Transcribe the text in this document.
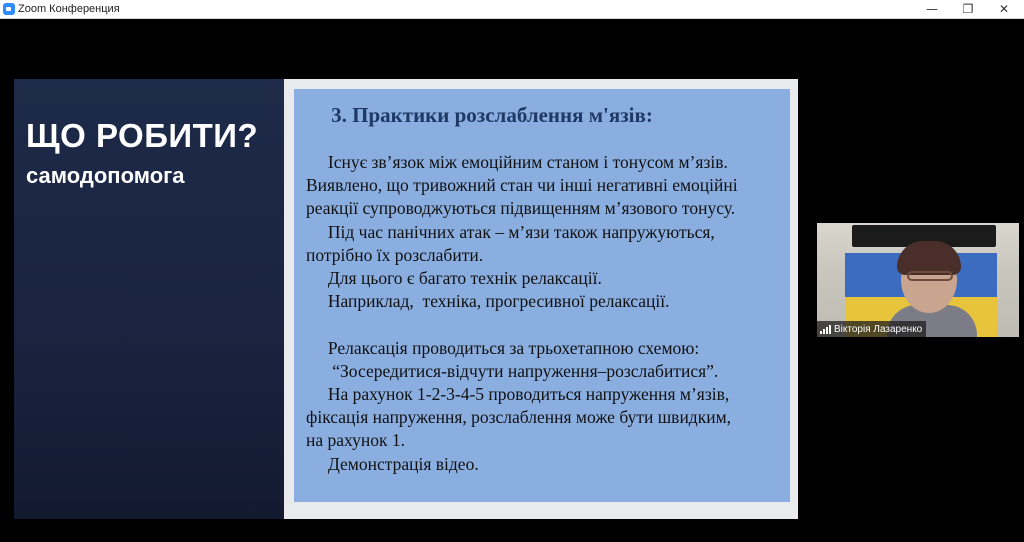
Zoom Конференция	—	❐	✕
ЩО РОБИТИ?
самодопомога
3. Практики розслаблення м'язів:
Існує зв’язок між емоційним станом і тонусом м’язів.
Виявлено, що тривожний стан чи інші негативні емоційні
реакції супроводжуються підвищенням м’язового тонусу.
Під час панічних атак – м’язи також напружуються,
потрібно їх розслабити.
Для цього є багато технік релаксації.
Наприклад,  техніка, прогресивної релаксації.
Релаксація проводиться за трьохетапною схемою:
“Зосередитися-відчути напруження–розслабитися”.
На рахунок 1-2-3-4-5 проводиться напруження м’язів,
фіксація напруження, розслаблення може бути швидким,
на рахунок 1.
Демонстрація відео.
Вікторія Лазаренко
